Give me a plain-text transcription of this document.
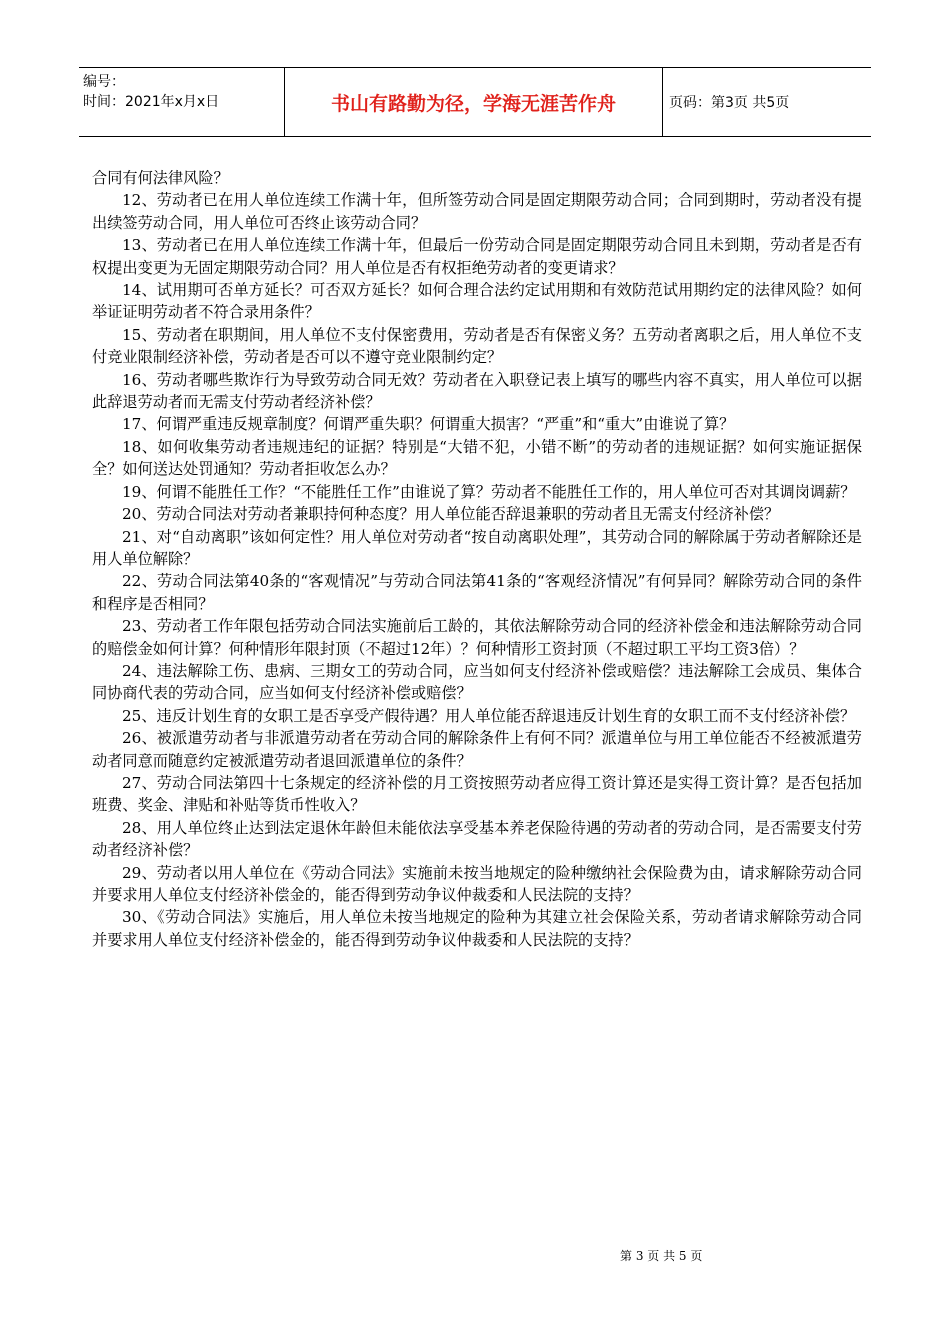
编号：
时间：2021年x月x日	书山有路勤为径，学海无涯苦作舟	页码：第3页 共5页

合同有何法律风险？

12、劳动者已在用人单位连续工作满十年，但所签劳动合同是固定期限劳动合同；合同到期时，劳动者没有提出续签劳动合同，用人单位可否终止该劳动合同？

13、劳动者已在用人单位连续工作满十年，但最后一份劳动合同是固定期限劳动合同且未到期，劳动者是否有权提出变更为无固定期限劳动合同？用人单位是否有权拒绝劳动者的变更请求？

14、试用期可否单方延长？可否双方延长？如何合理合法约定试用期和有效防范试用期约定的法律风险？如何举证证明劳动者不符合录用条件？

15、劳动者在职期间，用人单位不支付保密费用，劳动者是否有保密义务？五劳动者离职之后，用人单位不支付竞业限制经济补偿，劳动者是否可以不遵守竞业限制约定？

16、劳动者哪些欺诈行为导致劳动合同无效？劳动者在入职登记表上填写的哪些内容不真实，用人单位可以据此辞退劳动者而无需支付劳动者经济补偿？

17、何谓严重违反规章制度？何谓严重失职？何谓重大损害？“严重”和“重大”由谁说了算？

18、如何收集劳动者违规违纪的证据？特别是“大错不犯，小错不断”的劳动者的违规证据？如何实施证据保全？如何送达处罚通知？劳动者拒收怎么办？

19、何谓不能胜任工作？“不能胜任工作”由谁说了算？劳动者不能胜任工作的，用人单位可否对其调岗调薪？

20、劳动合同法对劳动者兼职持何种态度？用人单位能否辞退兼职的劳动者且无需支付经济补偿？

21、对“自动离职”该如何定性？用人单位对劳动者“按自动离职处理”，其劳动合同的解除属于劳动者解除还是用人单位解除？

22、劳动合同法第40条的“客观情况”与劳动合同法第41条的“客观经济情况”有何异同？解除劳动合同的条件和程序是否相同？

23、劳动者工作年限包括劳动合同法实施前后工龄的，其依法解除劳动合同的经济补偿金和违法解除劳动合同的赔偿金如何计算？何种情形年限封顶（不超过12年）？何种情形工资封顶（不超过职工平均工资3倍）？

24、违法解除工伤、患病、三期女工的劳动合同，应当如何支付经济补偿或赔偿？违法解除工会成员、集体合同协商代表的劳动合同，应当如何支付经济补偿或赔偿？

25、违反计划生育的女职工是否享受产假待遇？用人单位能否辞退违反计划生育的女职工而不支付经济补偿？

26、被派遣劳动者与非派遣劳动者在劳动合同的解除条件上有何不同？派遣单位与用工单位能否不经被派遣劳动者同意而随意约定被派遣劳动者退回派遣单位的条件？

27、劳动合同法第四十七条规定的经济补偿的月工资按照劳动者应得工资计算还是实得工资计算？是否包括加班费、奖金、津贴和补贴等货币性收入？

28、用人单位终止达到法定退休年龄但未能依法享受基本养老保险待遇的劳动者的劳动合同，是否需要支付劳动者经济补偿？

29、劳动者以用人单位在《劳动合同法》实施前未按当地规定的险种缴纳社会保险费为由，请求解除劳动合同并要求用人单位支付经济补偿金的，能否得到劳动争议仲裁委和人民法院的支持？

30、《劳动合同法》实施后，用人单位未按当地规定的险种为其建立社会保险关系，劳动者请求解除劳动合同并要求用人单位支付经济补偿金的，能否得到劳动争议仲裁委和人民法院的支持？

第 3 页 共 5 页
